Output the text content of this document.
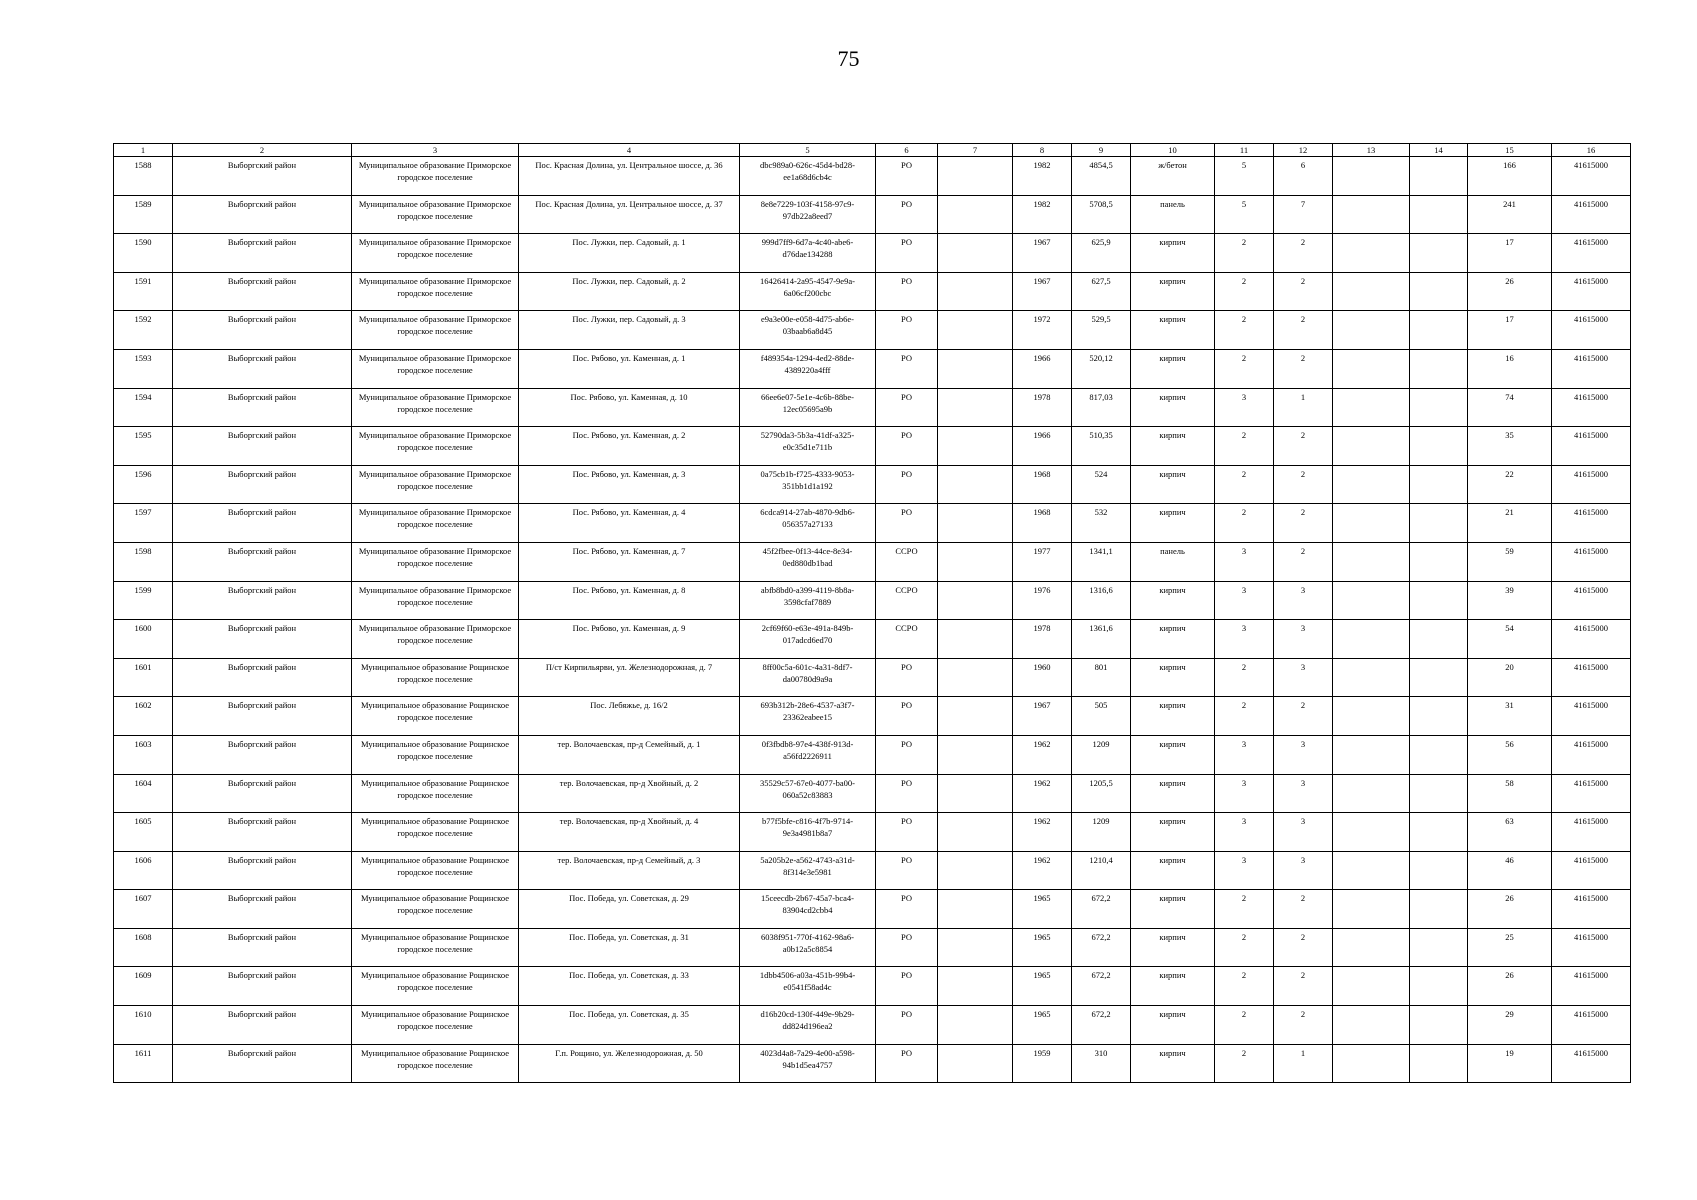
75
1	2	3	4	5	6	7	8	9	10	11	12	13	14	15	16
1588	Выборгский район	Муниципальное образование Приморское городское поселение	Пос. Красная Долина, ул. Центральное шоссе, д. 36	dbc989a0-626c-45d4-bd28-ee1a68d6cb4c	РО		1982	4854,5	ж/бетон	5	6			166	41615000
1589	Выборгский район	Муниципальное образование Приморское городское поселение	Пос. Красная Долина, ул. Центральное шоссе, д. 37	8e8e7229-103f-4158-97c9-97db22a8eed7	РО		1982	5708,5	панель	5	7			241	41615000
1590	Выборгский район	Муниципальное образование Приморское городское поселение	Пос. Лужки, пер. Садовый, д. 1	999d7ff9-6d7a-4c40-abe6-d76dae134288	РО		1967	625,9	кирпич	2	2			17	41615000
1591	Выборгский район	Муниципальное образование Приморское городское поселение	Пос. Лужки, пер. Садовый, д. 2	16426414-2a95-4547-9e9a-6a06cf200cbc	РО		1967	627,5	кирпич	2	2			26	41615000
1592	Выборгский район	Муниципальное образование Приморское городское поселение	Пос. Лужки, пер. Садовый, д. 3	e9a3e00e-e058-4d75-ab6e-03baab6a8d45	РО		1972	529,5	кирпич	2	2			17	41615000
1593	Выборгский район	Муниципальное образование Приморское городское поселение	Пос. Рябово, ул. Каменная, д. 1	f489354a-1294-4ed2-88de-4389220a4fff	РО		1966	520,12	кирпич	2	2			16	41615000
1594	Выборгский район	Муниципальное образование Приморское городское поселение	Пос. Рябово, ул. Каменная, д. 10	66ee6e07-5e1e-4c6b-88be-12ec05695a9b	РО		1978	817,03	кирпич	3	1			74	41615000
1595	Выборгский район	Муниципальное образование Приморское городское поселение	Пос. Рябово, ул. Каменная, д. 2	52790da3-5b3a-41df-a325-e0c35d1e711b	РО		1966	510,35	кирпич	2	2			35	41615000
1596	Выборгский район	Муниципальное образование Приморское городское поселение	Пос. Рябово, ул. Каменная, д. 3	0a75cb1b-f725-4333-9053-351bb1d1a192	РО		1968	524	кирпич	2	2			22	41615000
1597	Выборгский район	Муниципальное образование Приморское городское поселение	Пос. Рябово, ул. Каменная, д. 4	6cdca914-27ab-4870-9db6-056357a27133	РО		1968	532	кирпич	2	2			21	41615000
1598	Выборгский район	Муниципальное образование Приморское городское поселение	Пос. Рябово, ул. Каменная, д. 7	45f2fbee-0f13-44ce-8e34-0ed880db1bad	ССРО		1977	1341,1	панель	3	2			59	41615000
1599	Выборгский район	Муниципальное образование Приморское городское поселение	Пос. Рябово, ул. Каменная, д. 8	abfb8bd0-a399-4119-8b8a-3598cfaf7889	ССРО		1976	1316,6	кирпич	3	3			39	41615000
1600	Выборгский район	Муниципальное образование Приморское городское поселение	Пос. Рябово, ул. Каменная, д. 9	2cf69f60-e63e-491a-849b-017adcd6ed70	ССРО		1978	1361,6	кирпич	3	3			54	41615000
1601	Выборгский район	Муниципальное образование Рощинское городское поселение	П/ст Кирпильярви, ул. Железнодорожная, д. 7	8ff00c5a-601c-4a31-8df7-da00780d9a9a	РО		1960	801	кирпич	2	3			20	41615000
1602	Выборгский район	Муниципальное образование Рощинское городское поселение	Пос. Лебяжье, д. 16/2	693b312b-28e6-4537-a3f7-23362eabee15	РО		1967	505	кирпич	2	2			31	41615000
1603	Выборгский район	Муниципальное образование Рощинское городское поселение	тер. Волочаевская, пр-д Семейный, д. 1	0f3fbdb8-97e4-438f-913d-a56fd2226911	РО		1962	1209	кирпич	3	3			56	41615000
1604	Выборгский район	Муниципальное образование Рощинское городское поселение	тер. Волочаевская, пр-д Хвойный, д. 2	35529c57-67e0-4077-ba00-060a52c83883	РО		1962	1205,5	кирпич	3	3			58	41615000
1605	Выборгский район	Муниципальное образование Рощинское городское поселение	тер. Волочаевская, пр-д Хвойный, д. 4	b77f5bfe-c816-4f7b-9714-9e3a4981b8a7	РО		1962	1209	кирпич	3	3			63	41615000
1606	Выборгский район	Муниципальное образование Рощинское городское поселение	тер. Волочаевская, пр-д Семейный, д. 3	5a205b2e-a562-4743-a31d-8f314e3e5981	РО		1962	1210,4	кирпич	3	3			46	41615000
1607	Выборгский район	Муниципальное образование Рощинское городское поселение	Пос. Победа, ул. Советская, д. 29	15ceecdb-2b67-45a7-bca4-83904cd2cbb4	РО		1965	672,2	кирпич	2	2			26	41615000
1608	Выборгский район	Муниципальное образование Рощинское городское поселение	Пос. Победа, ул. Советская, д. 31	6038f951-770f-4162-98a6-a0b12a5c8854	РО		1965	672,2	кирпич	2	2			25	41615000
1609	Выборгский район	Муниципальное образование Рощинское городское поселение	Пос. Победа, ул. Советская, д. 33	1dbb4506-a03a-451b-99b4-e0541f58ad4c	РО		1965	672,2	кирпич	2	2			26	41615000
1610	Выборгский район	Муниципальное образование Рощинское городское поселение	Пос. Победа, ул. Советская, д. 35	d16b20cd-130f-449e-9b29-dd824d196ea2	РО		1965	672,2	кирпич	2	2			29	41615000
1611	Выборгский район	Муниципальное образование Рощинское городское поселение	Г.п. Рощино, ул. Железнодорожная, д. 50	4023d4a8-7a29-4e00-a598-94b1d5ea4757	РО		1959	310	кирпич	2	1			19	41615000
